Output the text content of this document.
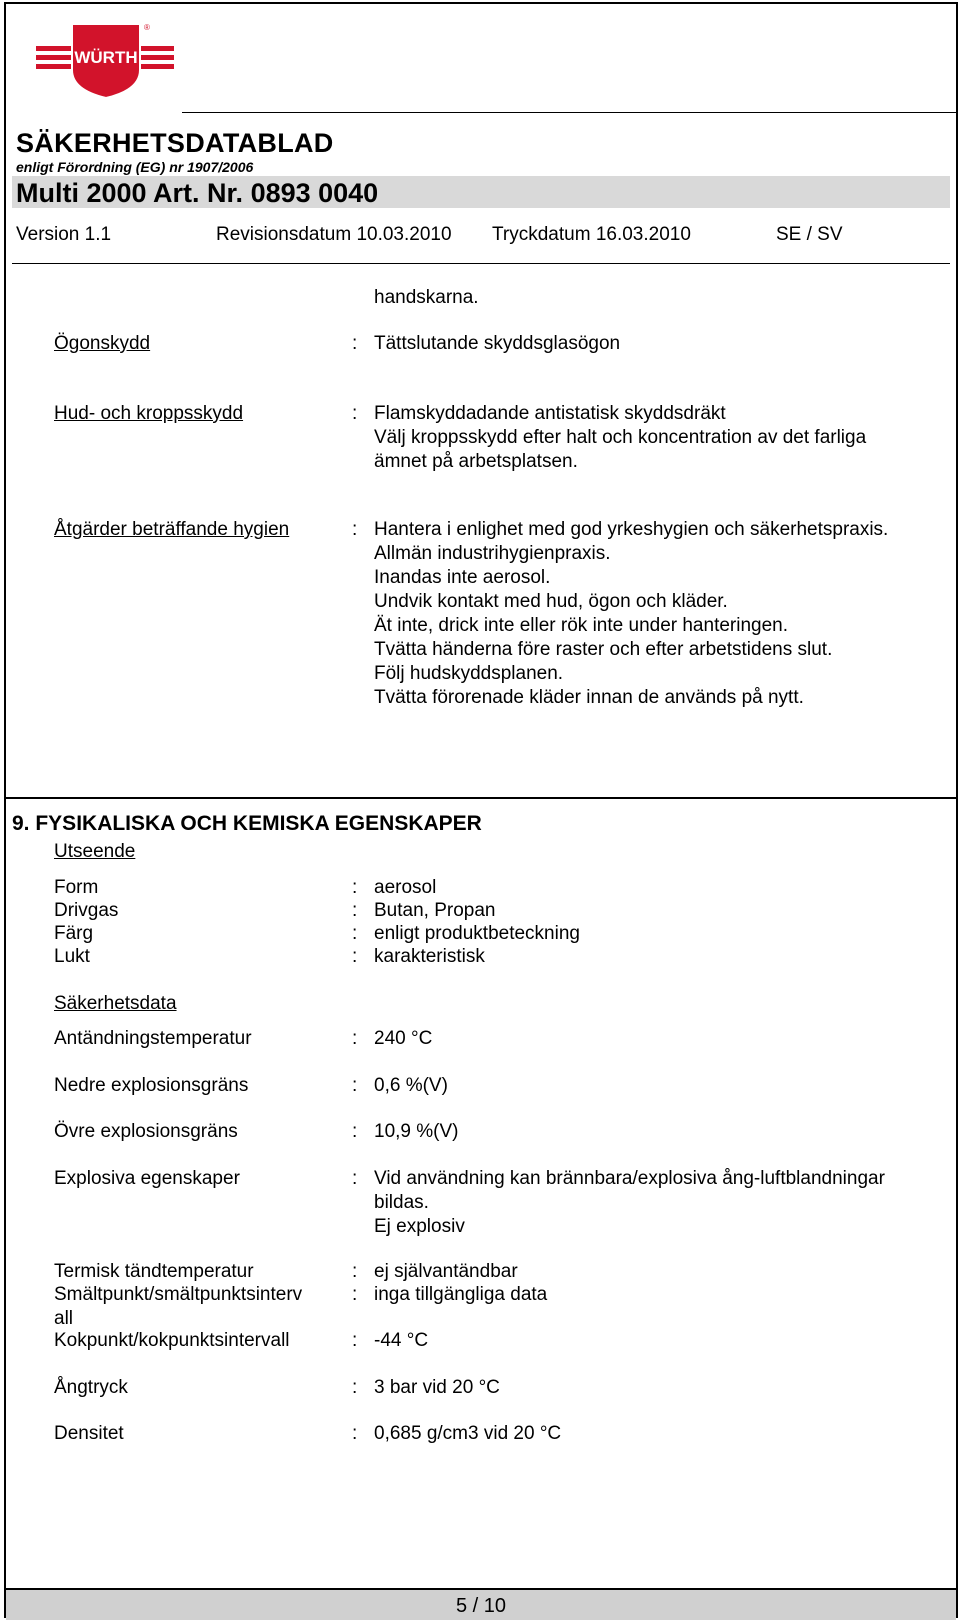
WÜRTH
®
SÄKERHETSDATABLAD
enligt Förordning (EG) nr 1907/2006
Multi 2000 Art. Nr. 0893 0040
Version 1.1	Revisionsdatum 10.03.2010 Tryckdatum 16.03.2010	SE / SV
handskarna.
Ögonskydd	: Tättslutande skyddsglasögon
Hud- och kroppsskydd	: Flamskyddadande antistatisk skyddsdräkt
Välj kroppsskydd efter halt och koncentration av det farliga
ämnet på arbetsplatsen.
Åtgärder beträffande hygien	: Hantera i enlighet med god yrkeshygien och säkerhetspraxis.
Allmän industrihygienpraxis.
Inandas inte aerosol.
Undvik kontakt med hud, ögon och kläder.
Ät inte, drick inte eller rök inte under hanteringen.
Tvätta händerna före raster och efter arbetstidens slut.
Följ hudskyddsplanen.
Tvätta förorenade kläder innan de används på nytt.
9. FYSIKALISKA OCH KEMISKA EGENSKAPER
Utseende
Form	: aerosol
Drivgas	: Butan, Propan
Färg	: enligt produktbeteckning
Lukt	: karakteristisk
Säkerhetsdata
Antändningstemperatur	: 240 °C
Nedre explosionsgräns	: 0,6 %(V)
Övre explosionsgräns	: 10,9 %(V)
Explosiva egenskaper	: Vid användning kan brännbara/explosiva ång-luftblandningar
bildas.
Ej explosiv
Termisk tändtemperatur	: ej självantändbar
Smältpunkt/smältpunktsinterv
all
: inga tillgängliga data
Kokpunkt/kokpunktsintervall	: -44 °C
Ångtryck	: 3 bar vid 20 °C
Densitet	: 0,685 g/cm3 vid 20 °C
5 / 10
